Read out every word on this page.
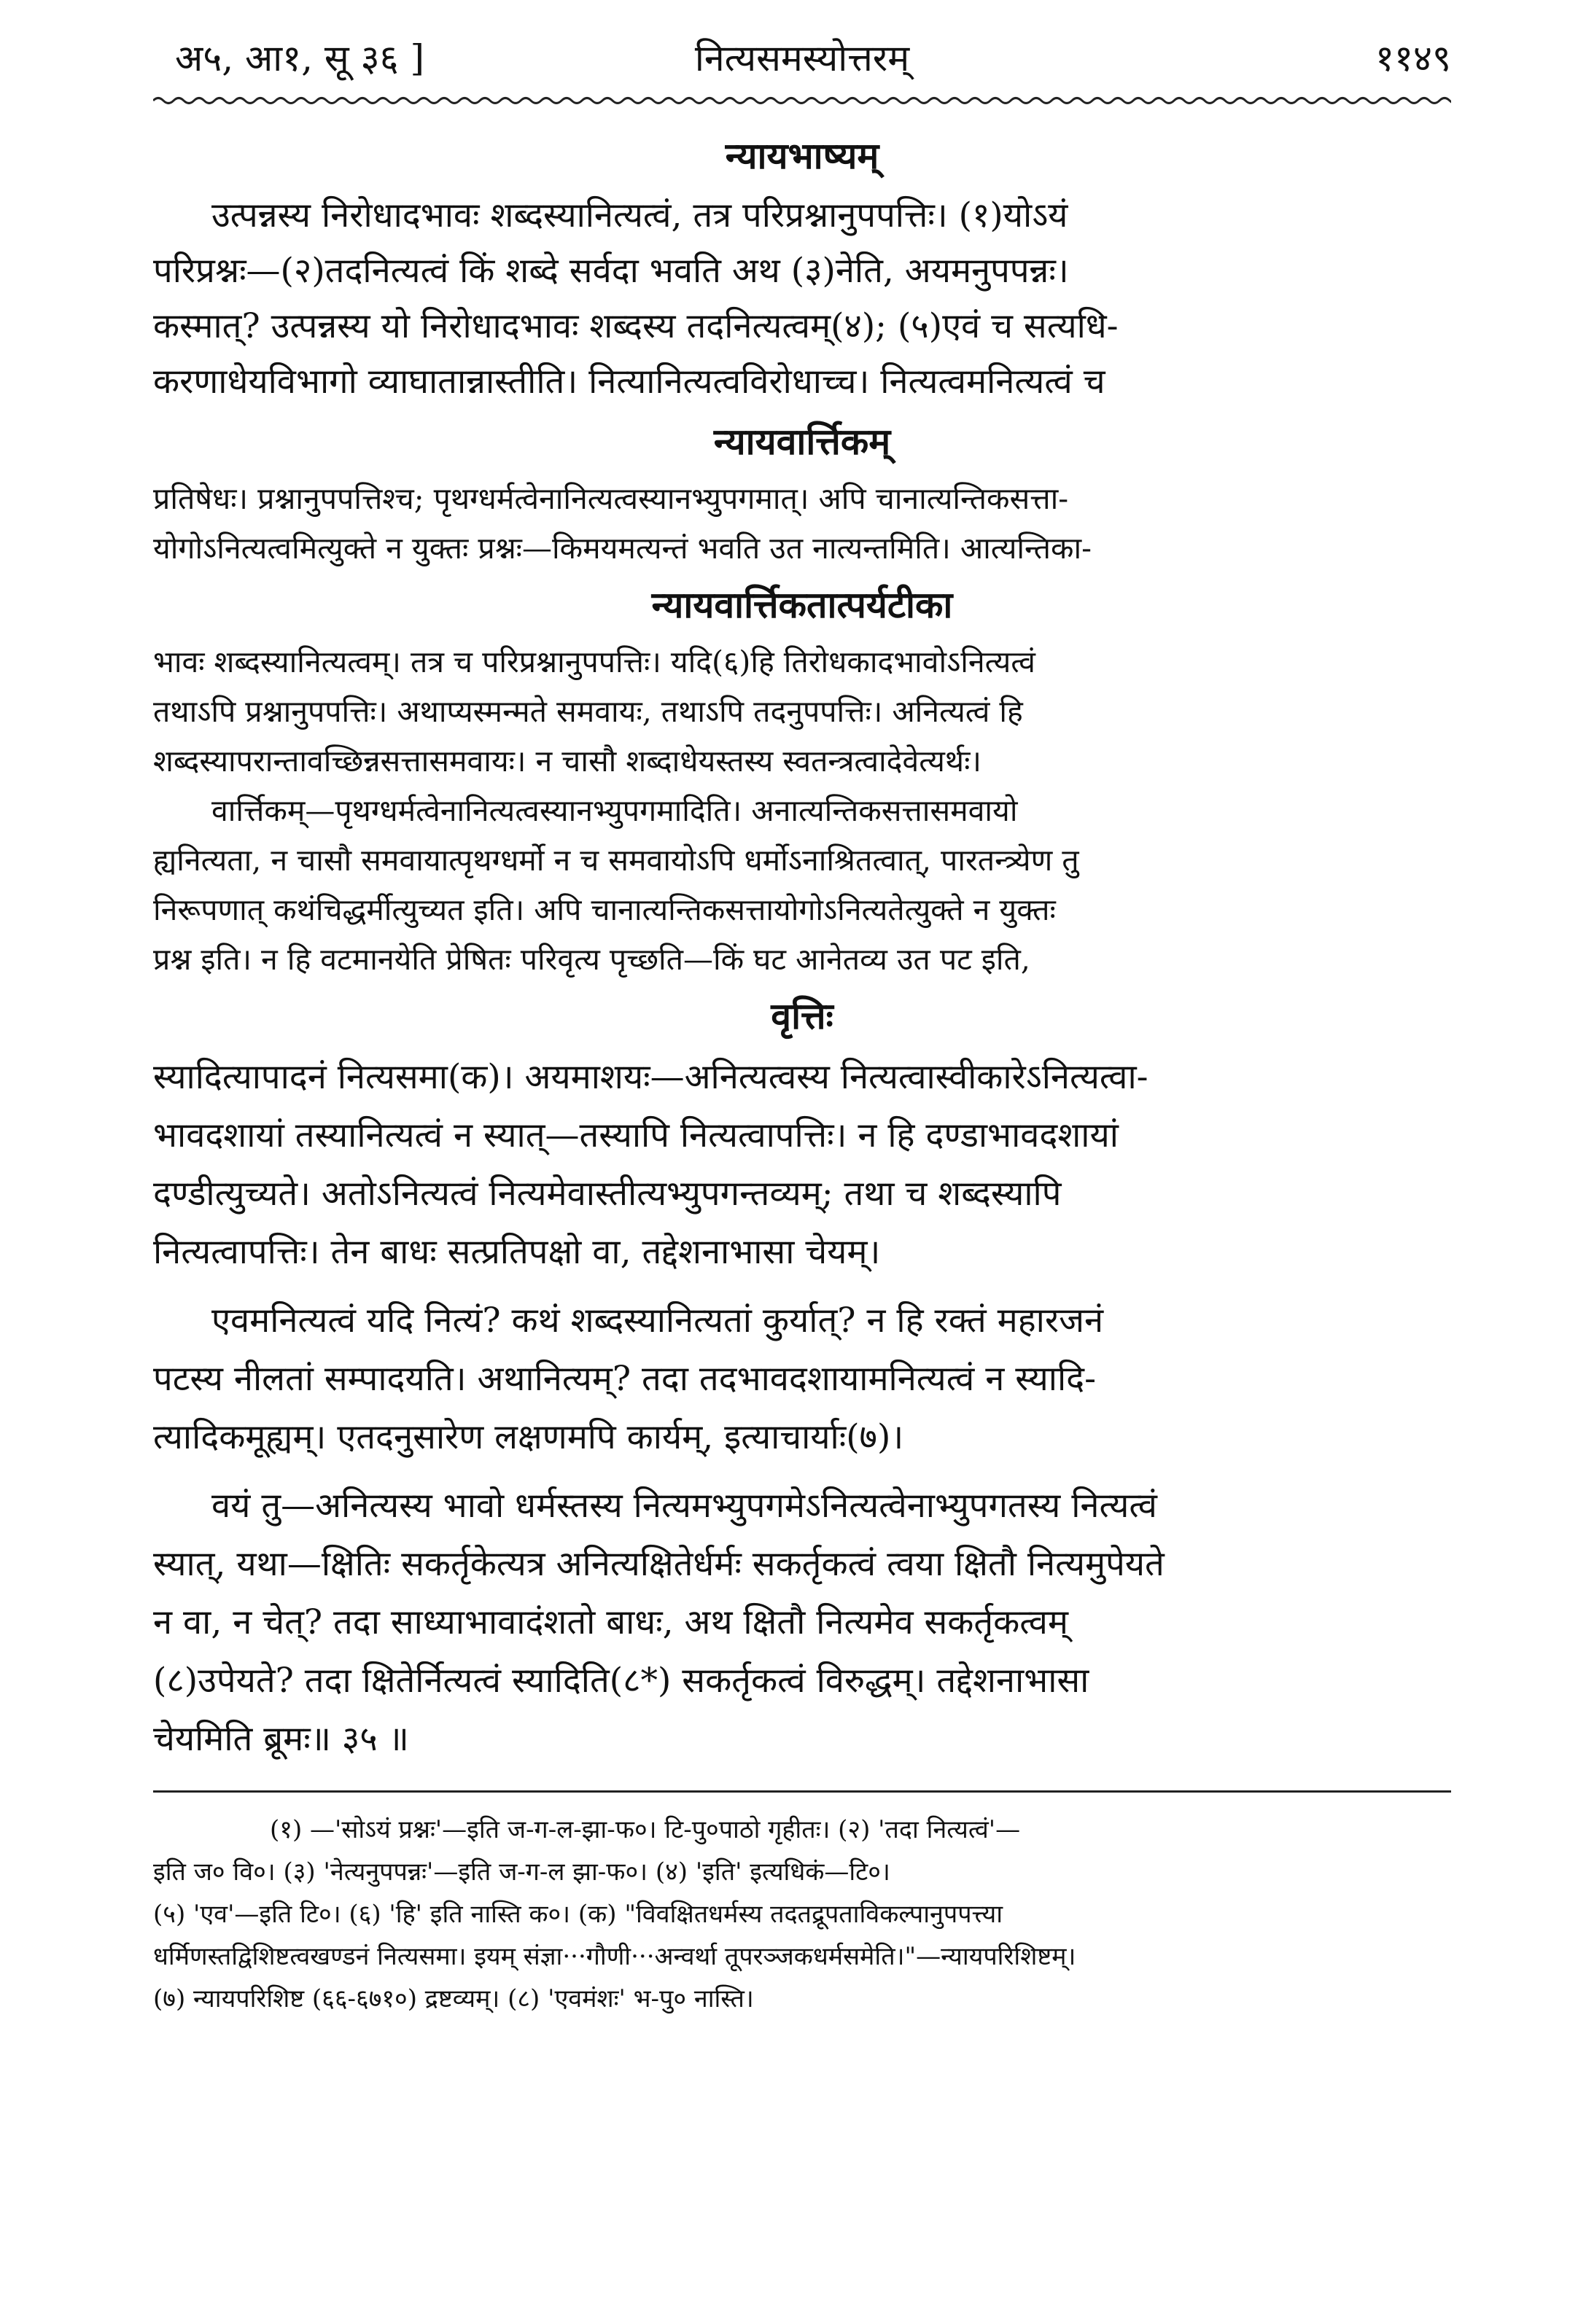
अ५, आ१, सू ३६ ]	नित्यसमस्योत्तरम्	११४९
न्यायभाष्यम्

उत्पन्नस्य निरोधादभावः शब्दस्यानित्यत्वं, तत्र परिप्रश्नानुपपत्तिः। (१)योऽयं
परिप्रश्नः—(२)तदनित्यत्वं किं शब्दे सर्वदा भवति अथ (३)नेति, अयमनुपपन्नः।
कस्मात्? उत्पन्नस्य यो निरोधादभावः शब्दस्य तदनित्यत्वम्(४); (५)एवं च सत्यधि-
करणाधेयविभागो व्याघातान्नास्तीति। नित्यानित्यत्वविरोधाच्च। नित्यत्वमनित्यत्वं च

न्यायवार्त्तिकम्

प्रतिषेधः। प्रश्नानुपपत्तिश्च; पृथग्धर्मत्वेनानित्यत्वस्यानभ्युपगमात्। अपि चानात्यन्तिकसत्ता-
योगोऽनित्यत्वमित्युक्ते न युक्तः प्रश्नः—किमयमत्यन्तं भवति उत नात्यन्तमिति। आत्यन्तिका-

न्यायवार्त्तिकतात्पर्यटीका

भावः शब्दस्यानित्यत्वम्। तत्र च परिप्रश्नानुपपत्तिः। यदि(६)हि तिरोधकादभावोऽनित्यत्वं
तथाऽपि प्रश्नानुपपत्तिः। अथाप्यस्मन्मते समवायः, तथाऽपि तदनुपपत्तिः। अनित्यत्वं हि
शब्दस्यापरान्तावच्छिन्नसत्तासमवायः। न चासौ शब्दाधेयस्तस्य स्वतन्त्रत्वादेवेत्यर्थः।
वार्त्तिकम्—पृथग्धर्मत्वेनानित्यत्वस्यानभ्युपगमादिति। अनात्यन्तिकसत्तासमवायो
ह्यनित्यता, न चासौ समवायात्पृथग्धर्मो न च समवायोऽपि धर्मोऽनाश्रितत्वात्, पारतन्त्र्येण तु
निरूपणात् कथंचिद्धर्मीत्युच्यत इति। अपि चानात्यन्तिकसत्तायोगोऽनित्यतेत्युक्ते न युक्तः
प्रश्न इति। न हि वटमानयेति प्रेषितः परिवृत्य पृच्छति—किं घट आनेतव्य उत पट इति,

वृत्तिः

स्यादित्यापादनं नित्यसमा(क)। अयमाशयः—अनित्यत्वस्य नित्यत्वास्वीकारेऽनित्यत्वा-
भावदशायां तस्यानित्यत्वं न स्यात्—तस्यापि नित्यत्वापत्तिः। न हि दण्डाभावदशायां
दण्डीत्युच्यते। अतोऽनित्यत्वं नित्यमेवास्तीत्यभ्युपगन्तव्यम्; तथा च शब्दस्यापि
नित्यत्वापत्तिः। तेन बाधः सत्प्रतिपक्षो वा, तद्देशनाभासा चेयम्।

एवमनित्यत्वं यदि नित्यं? कथं शब्दस्यानित्यतां कुर्यात्? न हि रक्तं महारजनं
पटस्य नीलतां सम्पादयति। अथानित्यम्? तदा तदभावदशायामनित्यत्वं न स्यादि-
त्यादिकमूह्यम्। एतदनुसारेण लक्षणमपि कार्यम्, इत्याचार्याः(७)।

वयं तु—अनित्यस्य भावो धर्मस्तस्य नित्यमभ्युपगमेऽनित्यत्वेनाभ्युपगतस्य नित्यत्वं
स्यात्, यथा—क्षितिः सकर्तृकेत्यत्र अनित्यक्षितेर्धर्मः सकर्तृकत्वं त्वया क्षितौ नित्यमुपेयते
न वा, न चेत्? तदा साध्याभावादंशतो बाधः, अथ क्षितौ नित्यमेव सकर्तृकत्वम्
(८)उपेयते? तदा क्षितेर्नित्यत्वं स्यादिति(८*) सकर्तृकत्वं विरुद्धम्। तद्देशनाभासा
चेयमिति ब्रूमः॥ ३५ ॥

(१) —'सोऽयं प्रश्नः'—इति ज-ग-ल-झा-फ०। टि-पु०पाठो गृहीतः। (२) 'तदा नित्यत्वं'—

इति ज० वि०। (३) 'नेत्यनुपपन्नः'—इति ज-ग-ल झा-फ०। (४) 'इति' इत्यधिकं—टि०।

(५) 'एव'—इति टि०। (६) 'हि' इति नास्ति क०। (क) "विवक्षितधर्मस्य तदतद्रूपताविकल्पानुपपत्त्या

धर्मिणस्तद्विशिष्टत्वखण्डनं नित्यसमा। इयम् संज्ञा···गौणी···अन्वर्था तूपरञ्जकधर्मसमेति।"—न्यायपरिशिष्टम्।

(७) न्यायपरिशिष्ट (६६-६७१०) द्रष्टव्यम्। (८) 'एवमंशः' भ-पु० नास्ति।
